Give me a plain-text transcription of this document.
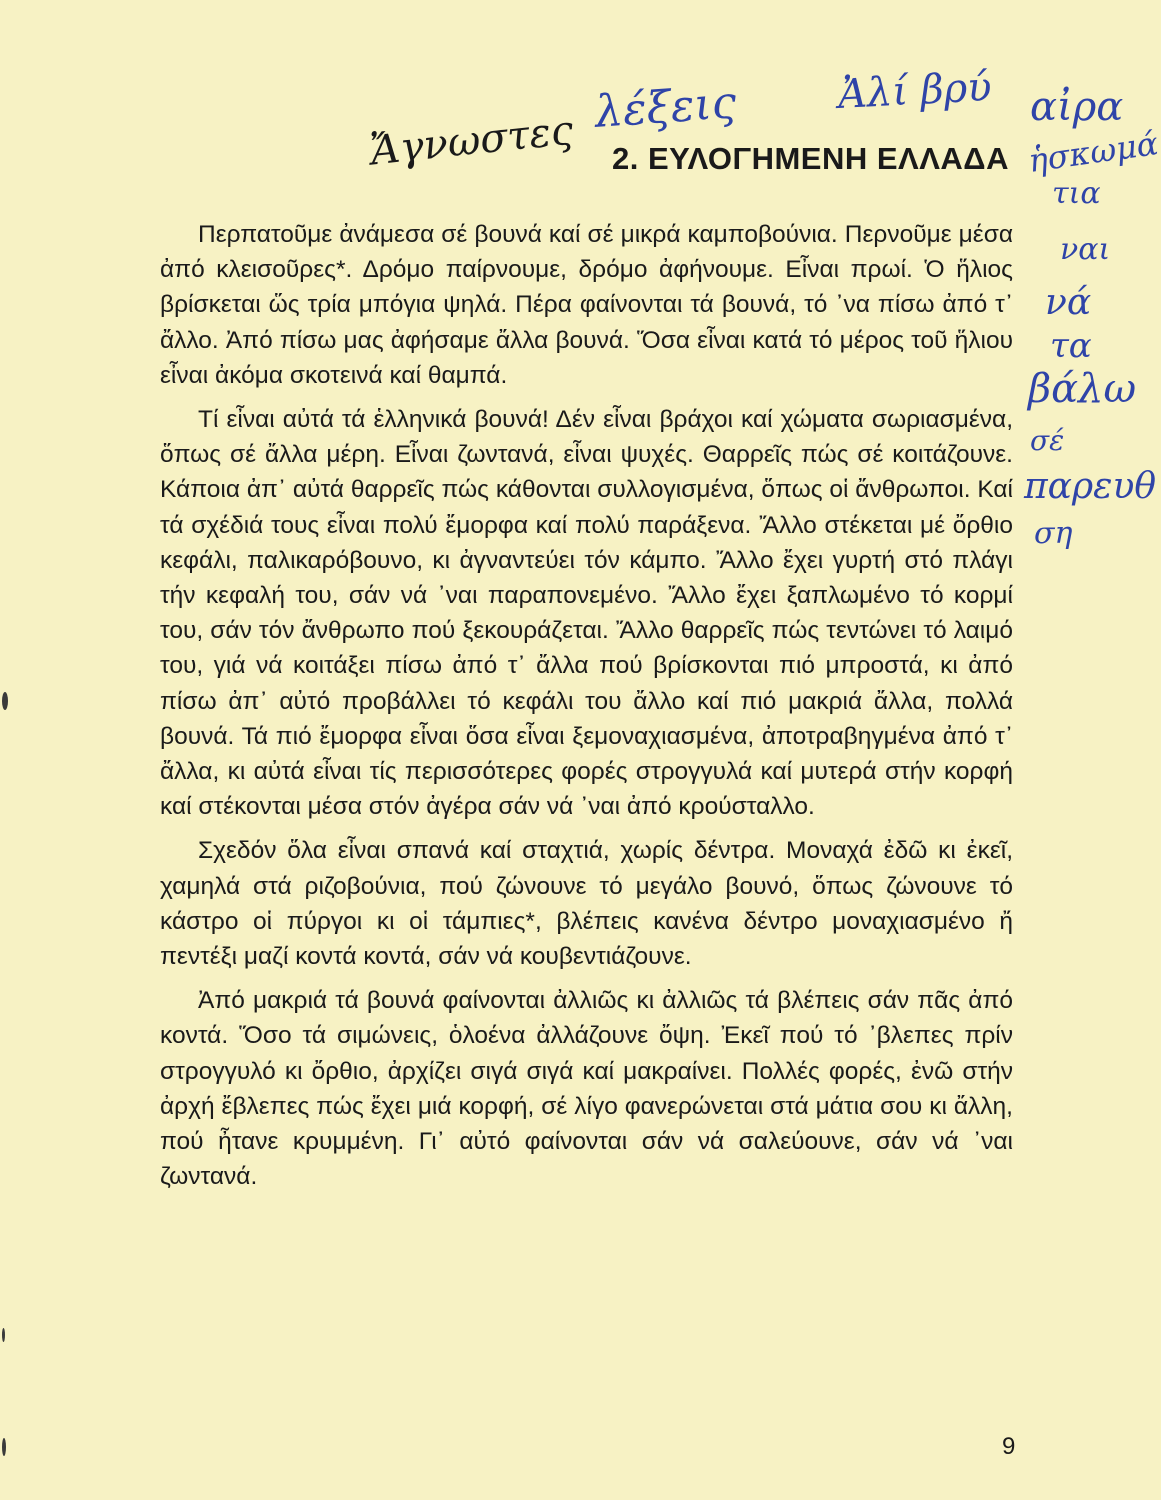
Ἄγνωστες λέξεις Ἀλί βρύ αἰρα
ἡσκωμά
τια
ναι
νά
τα
βάλω
σέ
παρευθ
ση
2. ΕΥΛΟΓΗΜΕΝΗ ΕΛΛΑΔΑ

Περπατοῦμε ἀνάμεσα σέ βουνά καί σέ μικρά καμποβούνια. Περνοῦμε μέσα ἀπό κλεισοῦρες*. Δρόμο παίρνουμε, δρόμο ἀφήνουμε. Εἶναι πρωί. Ὁ ἥλιος βρίσκεται ὥς τρία μπόγια ψηλά. Πέρα φαίνονται τά βουνά, τό ᾿να πίσω ἀπό τ᾿ ἄλλο. Ἀπό πίσω μας ἀφήσαμε ἄλλα βουνά. Ὅσα εἶναι κατά τό μέρος τοῦ ἥλιου εἶναι ἀκόμα σκοτεινά καί θαμπά.

Τί εἶναι αὐτά τά ἑλληνικά βουνά! Δέν εἶναι βράχοι καί χώματα σωριασμένα, ὅπως σέ ἄλλα μέρη. Εἶναι ζωντανά, εἶναι ψυχές. Θαρρεῖς πώς σέ κοιτάζουνε. Κάποια ἀπ᾿ αὐτά θαρρεῖς πώς κάθονται συλλογισμένα, ὅπως οἱ ἄνθρωποι. Καί τά σχέδιά τους εἶναι πολύ ἔμορφα καί πολύ παράξενα. Ἄλλο στέκεται μέ ὄρθιο κεφάλι, παλικαρόβουνο, κι ἀγναντεύει τόν κάμπο. Ἄλλο ἔχει γυρτή στό πλάγι τήν κεφαλή του, σάν νά ᾿ναι παραπονεμένο. Ἄλλο ἔχει ξαπλωμένο τό κορμί του, σάν τόν ἄνθρωπο πού ξεκουράζεται. Ἄλλο θαρρεῖς πώς τεντώνει τό λαιμό του, γιά νά κοιτάξει πίσω ἀπό τ᾿ ἄλλα πού βρίσκονται πιό μπροστά, κι ἀπό πίσω ἀπ᾿ αὐτό προβάλλει τό κεφάλι του ἄλλο καί πιό μακριά ἄλλα, πολλά βουνά. Τά πιό ἔμορφα εἶναι ὅσα εἶναι ξεμοναχιασμένα, ἀποτραβηγμένα ἀπό τ᾿ ἄλλα, κι αὐτά εἶναι τίς περισσότερες φορές στρογγυλά καί μυτερά στήν κορφή καί στέκονται μέσα στόν ἀγέρα σάν νά ᾿ναι ἀπό κρούσταλλο.

Σχεδόν ὅλα εἶναι σπανά καί σταχτιά, χωρίς δέντρα. Μοναχά ἐδῶ κι ἐκεῖ, χαμηλά στά ριζοβούνια, πού ζώνουνε τό μεγάλο βουνό, ὅπως ζώνουνε τό κάστρο οἱ πύργοι κι οἱ τάμπιες*, βλέπεις κανένα δέντρο μοναχιασμένο ἤ πεντέξι μαζί κοντά κοντά, σάν νά κουβεντιάζουνε.

Ἀπό μακριά τά βουνά φαίνονται ἀλλιῶς κι ἀλλιῶς τά βλέπεις σάν πᾶς ἀπό κοντά. Ὅσο τά σιμώνεις, ὁλοένα ἀλλάζουνε ὄψη. Ἐκεῖ πού τό ᾿βλεπες πρίν στρογγυλό κι ὄρθιο, ἀρχίζει σιγά σιγά καί μακραίνει. Πολλές φορές, ἐνῶ στήν ἀρχή ἔβλεπες πώς ἔχει μιά κορφή, σέ λίγο φανερώνεται στά μάτια σου κι ἄλλη, πού ἦτανε κρυμμένη. Γι᾿ αὐτό φαίνονται σάν νά σαλεύουνε, σάν νά ᾿ναι ζωντανά.

9
